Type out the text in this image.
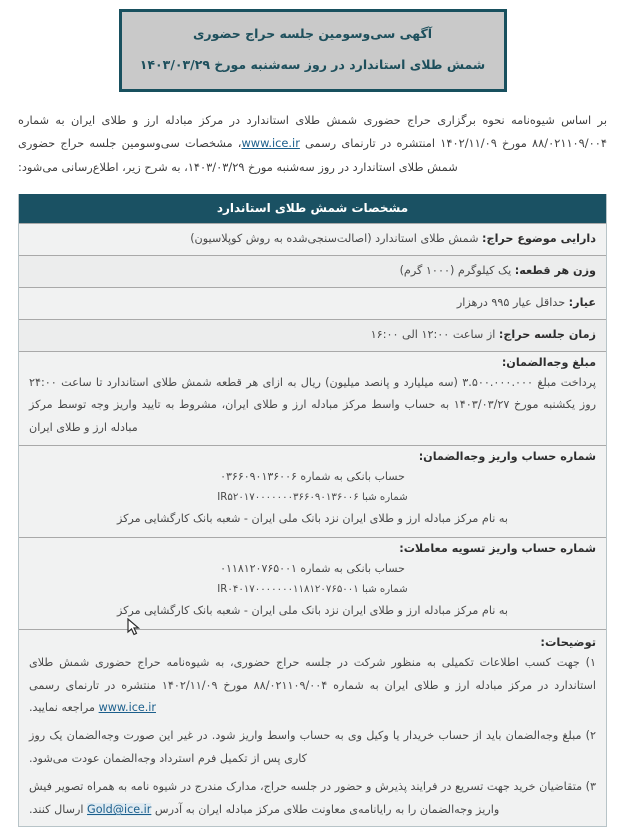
آگهی سی‌وسومین جلسه حراج حضوری
شمش طلای استاندارد در روز سه‌شنبه مورخ ۱۴۰۳/۰۳/۲۹

بر اساس شیوه‌نامه نحوه برگزاری حراج حضوری شمش طلای استاندارد در مرکز مبادله ارز و طلای ایران به شماره ۸۸/۰۲۱۱۰۹/۰۰۴ مورخ ۱۴۰۲/۱۱/۰۹ امنتشره در تارنمای رسمی www.ice.ir، مشخصات سی‌وسومین جلسه حراج حضوری شمش طلای استاندارد در روز سه‌شنبه مورخ ۱۴۰۳/۰۳/۲۹، به شرح زیر، اطلاع‌رسانی می‌شود:

مشخصات شمش طلای استاندارد
دارایی موضوع حراج: شمش طلای استاندارد (اصالت‌سنجی‌شده به روش کوپلاسیون)
وزن هر قطعه: یک کیلوگرم (۱۰۰۰ گرم)
عیار: حداقل عیار ۹۹۵ درهزار
زمان جلسه حراج: از ساعت ۱۲:۰۰ الی ۱۶:۰۰
مبلغ وجه‌الضمان:
پرداخت مبلغ ۳.۵۰۰.۰۰۰.۰۰۰ (سه میلیارد و پانصد میلیون) ریال به ازای هر قطعه شمش طلای استاندارد تا ساعت ۲۴:۰۰ روز یکشنبه مورخ ۱۴۰۳/۰۳/۲۷ به حساب واسط مرکز مبادله ارز و طلای ایران، مشروط به تایید واریز وجه توسط مرکز مبادله ارز و طلای ایران
شماره حساب واریز وجه‌الضمان:
حساب بانکی به شماره ۰۳۶۶۰۹۰۱۳۶۰۰۶
شماره شبا IR۵۲۰۱۷۰۰۰۰۰۰۰۳۶۶۰۹۰۱۳۶۰۰۶
به نام مرکز مبادله ارز و طلای ایران نزد بانک ملی ایران - شعبه بانک کارگشایی مرکز
شماره حساب واریز تسویه معاملات:
حساب بانکی به شماره ۰۱۱۸۱۲۰۷۶۵۰۰۱
شماره شبا IR۰۴۰۱۷۰۰۰۰۰۰۰۱۱۸۱۲۰۷۶۵۰۰۱
به نام مرکز مبادله ارز و طلای ایران نزد بانک ملی ایران - شعبه بانک کارگشایی مرکز
توضیحات:
۱) جهت کسب اطلاعات تکمیلی به منظور شرکت در جلسه حراج حضوری، به شیوه‌نامه حراج حضوری شمش طلای استاندارد در مرکز مبادله ارز و طلای ایران به شماره ۸۸/۰۲۱۱۰۹/۰۰۴ مورخ ۱۴۰۲/۱۱/۰۹ منتشره در تارنمای رسمی www.ice.ir مراجعه نمایید.
۲) مبلغ وجه‌الضمان باید از حساب خریدار یا وکیل وی به حساب واسط واریز شود. در غیر این صورت وجه‌الضمان یک روز کاری پس از تکمیل فرم استرداد وجه‌الضمان عودت می‌شود.
۳) متقاضیان خرید جهت تسریع در فرایند پذیرش و حضور در جلسه حراج، مدارک مندرج در شیوه نامه به همراه تصویر فیش واریز وجه‌الضمان را به رایانامه‌ی معاونت طلای مرکز مبادله ایران به آدرس Gold@ice.ir ارسال کنند.
